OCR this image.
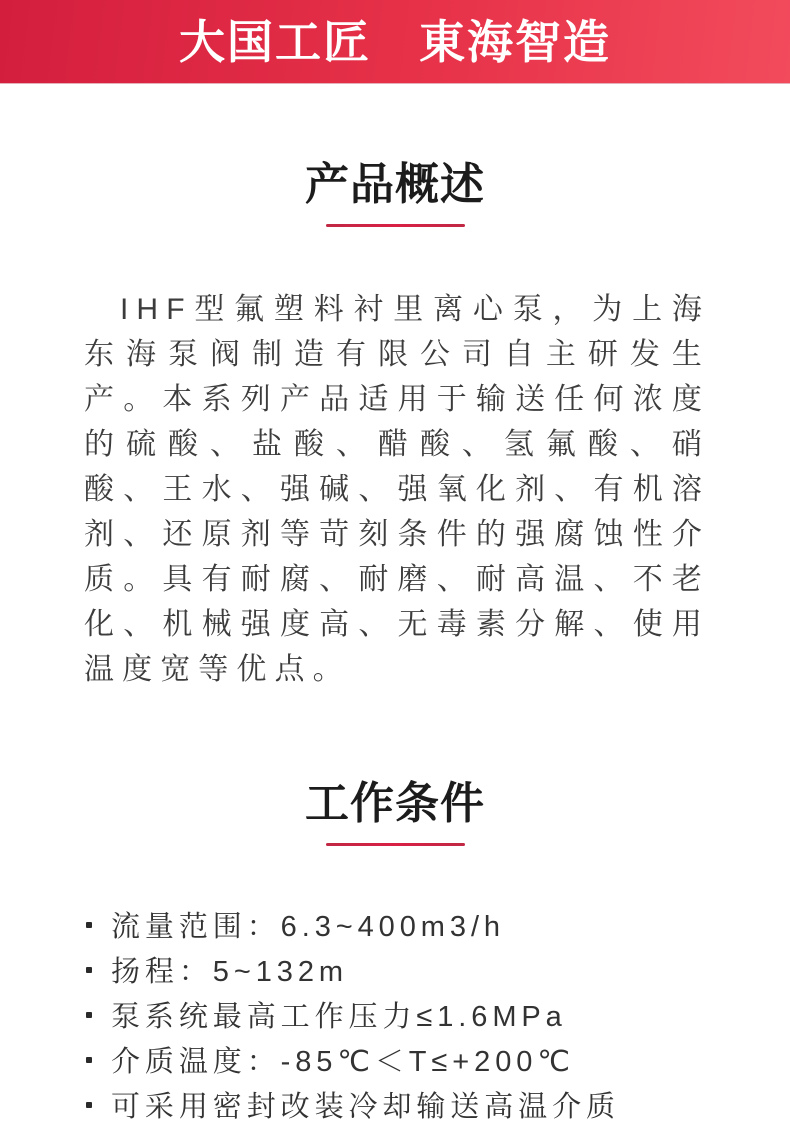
大国工匠　東海智造
产品概述

IHF型氟塑料衬里离心泵，为上海东海泵阀制造有限公司自主研发生产。本系列产品适用于输送任何浓度的硫酸、盐酸、醋酸、氢氟酸、硝酸、王水、强碱、强氧化剂、有机溶剂、还原剂等苛刻条件的强腐蚀性介质。具有耐腐、耐磨、耐高温、不老化、机械强度高、无毒素分解、使用温度宽等优点。

工作条件
流量范围：6.3~400m3/h
扬程：5~132m
泵系统最高工作压力≤1.6MPa
介质温度：-85℃＜T≤+200℃
可采用密封改装冷却输送高温介质
